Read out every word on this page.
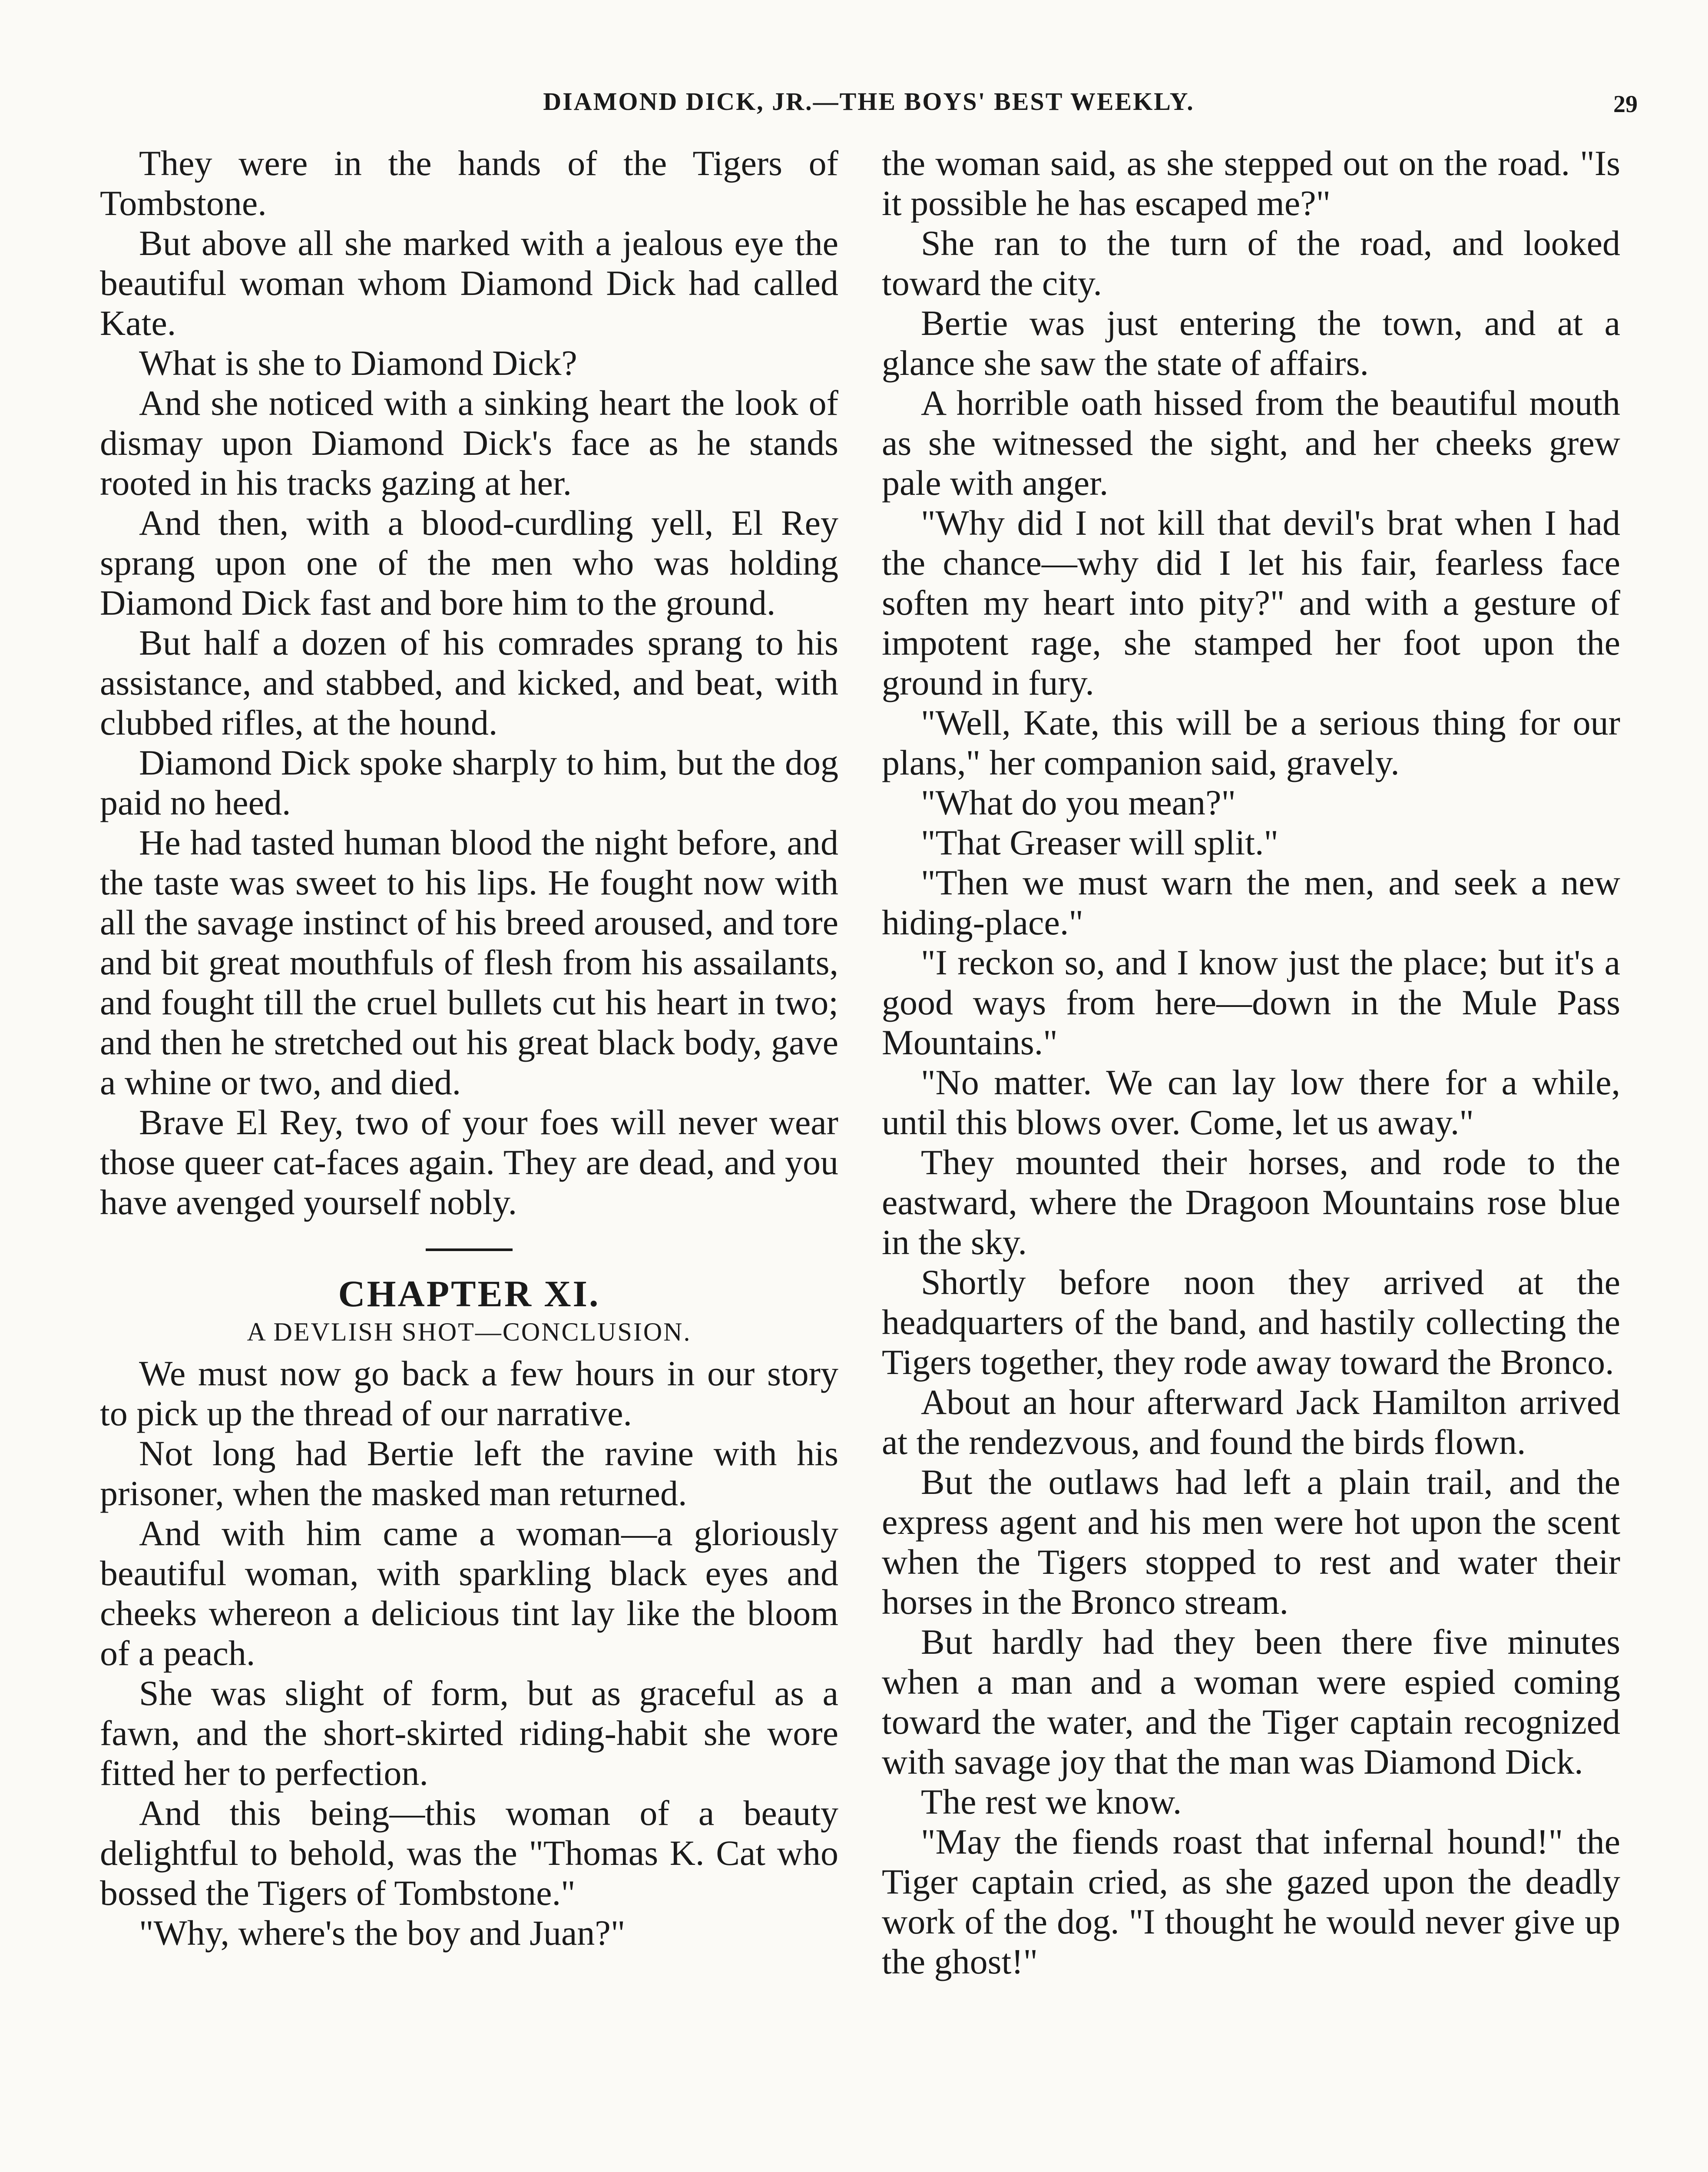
DIAMOND DICK, JR.—THE BOYS' BEST WEEKLY.	29

They were in the hands of the Tigers of Tombstone.

But above all she marked with a jealous eye the beautiful woman whom Diamond Dick had called Kate.

What is she to Diamond Dick?

And she noticed with a sinking heart the look of dismay upon Diamond Dick's face as he stands rooted in his tracks gazing at her.

And then, with a blood-curdling yell, El Rey sprang upon one of the men who was holding Diamond Dick fast and bore him to the ground.

But half a dozen of his comrades sprang to his assistance, and stabbed, and kicked, and beat, with clubbed rifles, at the hound.

Diamond Dick spoke sharply to him, but the dog paid no heed.

He had tasted human blood the night before, and the taste was sweet to his lips. He fought now with all the savage instinct of his breed aroused, and tore and bit great mouthfuls of flesh from his assailants, and fought till the cruel bullets cut his heart in two; and then he stretched out his great black body, gave a whine or two, and died.

Brave El Rey, two of your foes will never wear those queer cat-faces again. They are dead, and you have avenged yourself nobly.

CHAPTER XI.
A DEVLISH SHOT—CONCLUSION.

We must now go back a few hours in our story to pick up the thread of our narrative.

Not long had Bertie left the ravine with his prisoner, when the masked man returned.

And with him came a woman—a gloriously beautiful woman, with sparkling black eyes and cheeks whereon a delicious tint lay like the bloom of a peach.

She was slight of form, but as graceful as a fawn, and the short-skirted riding-habit she wore fitted her to perfection.

And this being—this woman of a beauty delightful to behold, was the "Thomas K. Cat who bossed the Tigers of Tombstone."

"Why, where's the boy and Juan?"

the woman said, as she stepped out on the road. "Is it possible he has escaped me?"

She ran to the turn of the road, and looked toward the city.

Bertie was just entering the town, and at a glance she saw the state of affairs.

A horrible oath hissed from the beautiful mouth as she witnessed the sight, and her cheeks grew pale with anger.

"Why did I not kill that devil's brat when I had the chance—why did I let his fair, fearless face soften my heart into pity?" and with a gesture of impotent rage, she stamped her foot upon the ground in fury.

"Well, Kate, this will be a serious thing for our plans," her companion said, gravely.

"What do you mean?"

"That Greaser will split."

"Then we must warn the men, and seek a new hiding-place."

"I reckon so, and I know just the place; but it's a good ways from here—down in the Mule Pass Mountains."

"No matter. We can lay low there for a while, until this blows over. Come, let us away."

They mounted their horses, and rode to the eastward, where the Dragoon Mountains rose blue in the sky.

Shortly before noon they arrived at the headquarters of the band, and hastily collecting the Tigers together, they rode away toward the Bronco.

About an hour afterward Jack Hamilton arrived at the rendezvous, and found the birds flown.

But the outlaws had left a plain trail, and the express agent and his men were hot upon the scent when the Tigers stopped to rest and water their horses in the Bronco stream.

But hardly had they been there five minutes when a man and a woman were espied coming toward the water, and the Tiger captain recognized with savage joy that the man was Diamond Dick.

The rest we know.

"May the fiends roast that infernal hound!" the Tiger captain cried, as she gazed upon the deadly work of the dog. "I thought he would never give up the ghost!"
